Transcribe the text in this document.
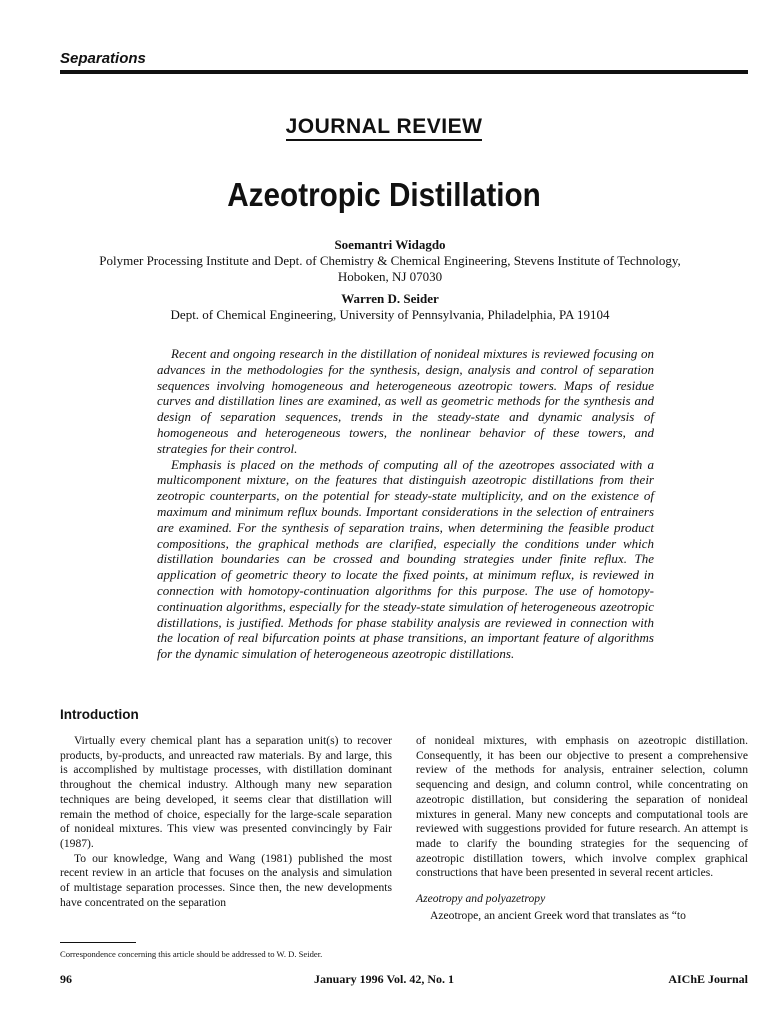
Separations
JOURNAL REVIEW
Azeotropic Distillation
Soemantri Widagdo
Polymer Processing Institute and Dept. of Chemistry & Chemical Engineering, Stevens Institute of Technology,
Hoboken, NJ 07030
Warren D. Seider
Dept. of Chemical Engineering, University of Pennsylvania, Philadelphia, PA 19104

Recent and ongoing research in the distillation of nonideal mixtures is reviewed focusing on advances in the methodologies for the synthesis, design, analysis and control of separation sequences involving homogeneous and heterogeneous azeotropic towers. Maps of residue curves and distillation lines are examined, as well as geometric methods for the synthesis and design of separation sequences, trends in the steady-state and dynamic analysis of homogeneous and heterogeneous towers, the nonlinear behavior of these towers, and strategies for their control.

Emphasis is placed on the methods of computing all of the azeotropes associated with a multicomponent mixture, on the features that distinguish azeotropic distillations from their zeotropic counterparts, on the potential for steady-state multiplicity, and on the existence of maximum and minimum reflux bounds. Important considerations in the selection of entrainers are examined. For the synthesis of separation trains, when determining the feasible product compositions, the graphical methods are clarified, especially the conditions under which distillation boundaries can be crossed and bounding strategies under finite reflux. The application of geometric theory to locate the fixed points, at minimum reflux, is reviewed in connection with homotopy-continuation algorithms for this purpose. The use of homotopy-continuation algorithms, especially for the steady-state simulation of heterogeneous azeotropic distillations, is justified. Methods for phase stability analysis are reviewed in connection with the location of real bifurcation points at phase transitions, an important feature of algorithms for the dynamic simulation of heterogeneous azeotropic distillations.

Introduction

Virtually every chemical plant has a separation unit(s) to recover products, by-products, and unreacted raw materials. By and large, this is accomplished by multistage processes, with distillation dominant throughout the chemical industry. Although many new separation techniques are being developed, it seems clear that distillation will remain the method of choice, especially for the large-scale separation of nonideal mixtures. This view was presented convincingly by Fair (1987).

To our knowledge, Wang and Wang (1981) published the most recent review in an article that focuses on the analysis and simulation of multistage separation processes. Since then, the new developments have concentrated on the separation

of nonideal mixtures, with emphasis on azeotropic distillation. Consequently, it has been our objective to present a comprehensive review of the methods for analysis, entrainer selection, column sequencing and design, and column control, while concentrating on azeotropic distillation, but considering the separation of nonideal mixtures in general. Many new concepts and computational tools are reviewed with suggestions provided for future research. An attempt is made to clarify the bounding strategies for the sequencing of azeotropic distillation towers, which involve complex graphical constructions that have been presented in several recent articles.

Azeotropy and polyazetropy

Azeotrope, an ancient Greek word that translates as “to

Correspondence concerning this article should be addressed to W. D. Seider.
96	January 1996 Vol. 42, No. 1	AIChE Journal
